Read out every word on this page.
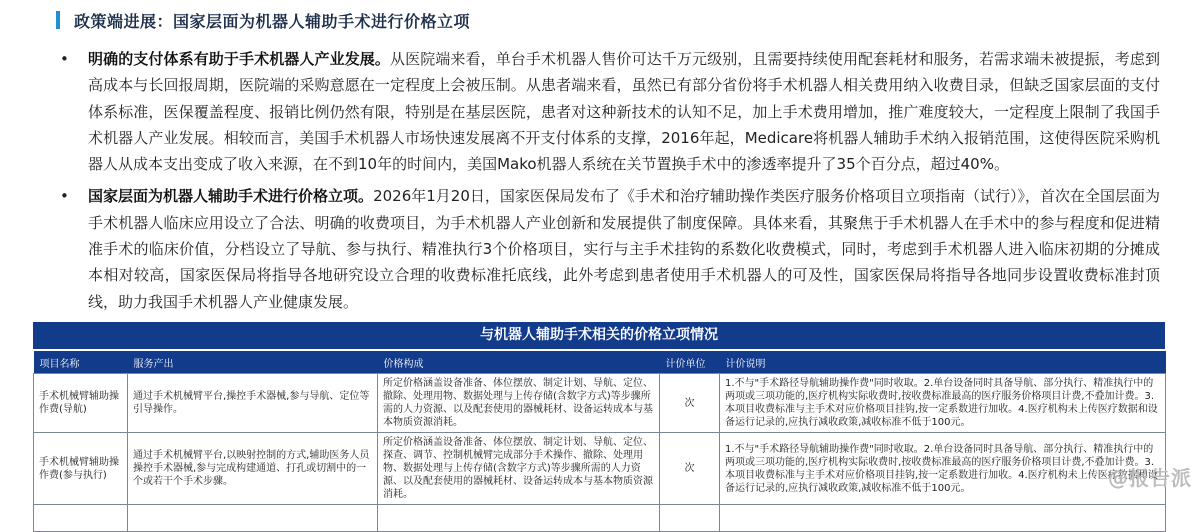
政策端进展：国家层面为机器人辅助手术进行价格立项
• 明确的支付体系有助于手术机器人产业发展。从医院端来看，单台手术机器人售价可达千万元级别，且需要持续使用配套耗材和服务，若需求端未被提振，考虑到高成本与长回报周期，医院端的采购意愿在一定程度上会被压制。从患者端来看，虽然已有部分省份将手术机器人相关费用纳入收费目录，但缺乏国家层面的支付体系标准，医保覆盖程度、报销比例仍然有限，特别是在基层医院，患者对这种新技术的认知不足，加上手术费用增加，推广难度较大，一定程度上限制了我国手术机器人产业发展。相较而言，美国手术机器人市场快速发展离不开支付体系的支撑，2016年起，Medicare将机器人辅助手术纳入报销范围，这使得医院采购机器人从成本支出变成了收入来源，在不到10年的时间内，美国Mako机器人系统在关节置换手术中的渗透率提升了35个百分点，超过40%。
• 国家层面为机器人辅助手术进行价格立项。2026年1月20日，国家医保局发布了《手术和治疗辅助操作类医疗服务价格项目立项指南（试行）》，首次在全国层面为手术机器人临床应用设立了合法、明确的收费项目，为手术机器人产业创新和发展提供了制度保障。具体来看，其聚焦于手术机器人在手术中的参与程度和促进精准手术的临床价值，分档设立了导航、参与执行、精准执行3个价格项目，实行与主手术挂钩的系数化收费模式，同时，考虑到手术机器人进入临床初期的分摊成本相对较高，国家医保局将指导各地研究设立合理的收费标准托底线，此外考虑到患者使用手术机器人的可及性，国家医保局将指导各地同步设置收费标准封顶线，助力我国手术机器人产业健康发展。
与机器人辅助手术相关的价格立项情况
项目名称	服务产出	价格构成	计价单位	计价说明
手术机械臂辅助操作费(导航)	通过手术机械臂平台,操控手术器械,参与导航、定位等引导操作。	所定价格涵盖设备准备、体位摆放、制定计划、导航、定位、撤除、处理用物、数据处理与上传存储(含数字方式)等步骤所需的人力资源、以及配套使用的器械耗材、设备运转成本与基本物质资源消耗。	次	1.不与"手术路径导航辅助操作费"同时收取。2.单台设备同时具备导航、部分执行、精准执行中的两项或三项功能的,医疗机构实际收费时,按收费标准最高的医疗服务价格项目计费,不叠加计费。3.本项目收费标准与主手术对应价格项目挂钩,按一定系数进行加收。4.医疗机构未上传医疗数据和设备运行记录的,应执行减收政策,减收标准不低于100元。
手术机械臂辅助操作费(参与执行)	通过手术机械臂平台,以映射控制的方式,辅助医务人员操控手术器械,参与完成构建通道、打孔或切割中的一个或若干个手术步骤。	所定价格涵盖设备准备、体位摆放、制定计划、导航、定位、探查、调节、控制机械臂完成部分手术操作、撤除、处理用物、数据处理与上传存储(含数字方式)等步骤所需的人力资源、以及配套使用的器械耗材、设备运转成本与基本物质资源消耗。	次	1.不与"手术路径导航辅助操作费"同时收取。2.单台设备同时具备导航、部分执行、精准执行中的两项或三项功能的,医疗机构实际收费时,按收费标准最高的医疗服务价格项目计费,不叠加计费。3.本项目收费标准与主手术对应价格项目挂钩,按一定系数进行加收。4.医疗机构未上传医疗数据和设备运行记录的,应执行减收政策,减收标准不低于100元。
					@报告派
